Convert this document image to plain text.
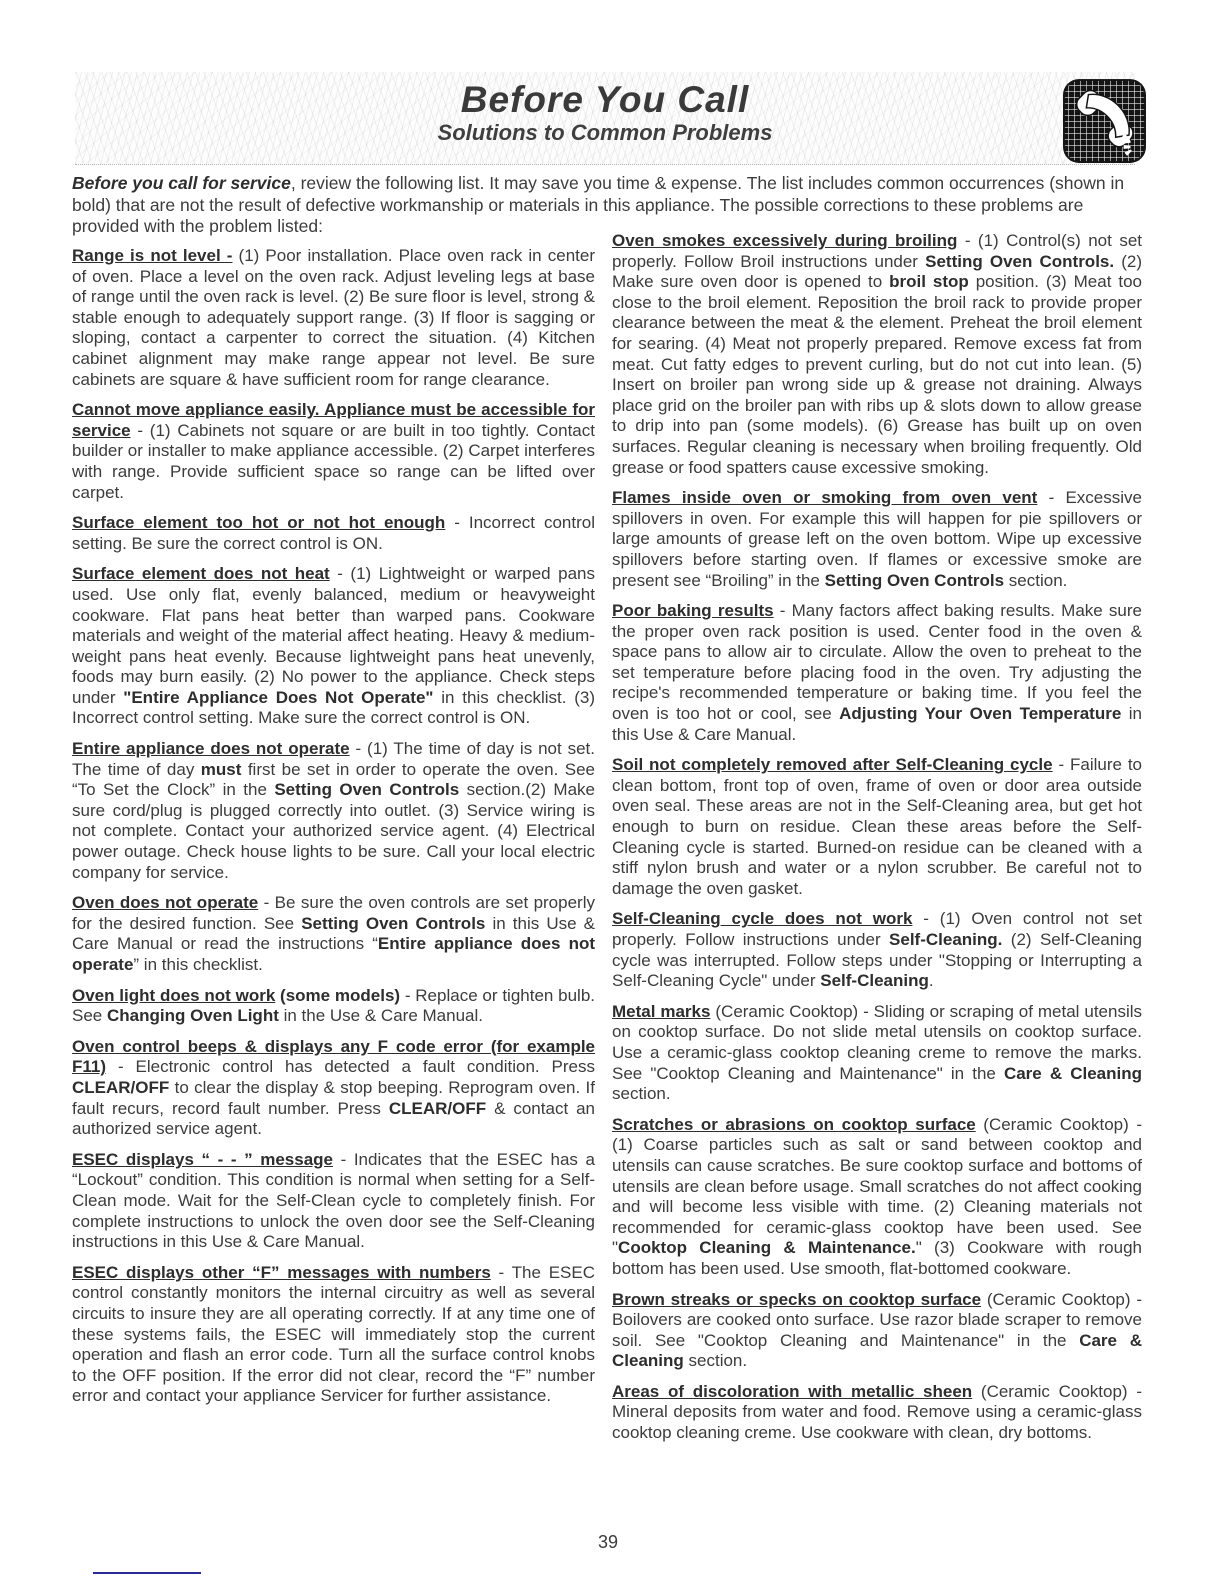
Before You Call
Solutions to Common Problems
Before you call for service, review the following list. It may save you time & expense. The list includes common occurrences (shown in bold) that are not the result of defective workmanship or materials in this appliance. The possible corrections to these problems are provided with the problem listed:

Range is not level - (1) Poor installation. Place oven rack in center of oven. Place a level on the oven rack. Adjust leveling legs at base of range until the oven rack is level. (2) Be sure floor is level, strong & stable enough to adequately support range. (3) If floor is sagging or sloping, contact a carpenter to correct the situation. (4) Kitchen cabinet alignment may make range appear not level. Be sure cabinets are square & have sufficient room for range clearance.

Cannot move appliance easily. Appliance must be accessible for service - (1) Cabinets not square or are built in too tightly. Contact builder or installer to make appliance accessible. (2) Carpet interferes with range. Provide sufficient space so range can be lifted over carpet.

Surface element too hot or not hot enough - Incorrect control setting. Be sure the correct control is ON.

Surface element does not heat - (1) Lightweight or warped pans used. Use only flat, evenly balanced, medium or heavyweight cookware. Flat pans heat better than warped pans. Cookware materials and weight of the material affect heating. Heavy & medium-weight pans heat evenly. Because lightweight pans heat unevenly, foods may burn easily. (2) No power to the appliance. Check steps under "Entire Appliance Does Not Operate" in this checklist. (3) Incorrect control setting. Make sure the correct control is ON.

Entire appliance does not operate - (1) The time of day is not set. The time of day must first be set in order to operate the oven. See “To Set the Clock” in the Setting Oven Controls section.(2) Make sure cord/plug is plugged correctly into outlet. (3) Service wiring is not complete. Contact your authorized service agent. (4) Electrical power outage. Check house lights to be sure. Call your local electric company for service.

Oven does not operate - Be sure the oven controls are set properly for the desired function. See Setting Oven Controls in this Use & Care Manual or read the instructions “Entire appliance does not operate” in this checklist.

Oven light does not work (some models) - Replace or tighten bulb. See Changing Oven Light in the Use & Care Manual.

Oven control beeps & displays any F code error (for example F11) - Electronic control has detected a fault condition. Press CLEAR/OFF to clear the display & stop beeping. Reprogram oven. If fault recurs, record fault number. Press CLEAR/OFF & contact an authorized service agent.

ESEC displays “ - - ” message - Indicates that the ESEC has a “Lockout” condition. This condition is normal when setting for a Self-Clean mode. Wait for the Self-Clean cycle to completely finish. For complete instructions to unlock the oven door see the Self-Cleaning instructions in this Use & Care Manual.

ESEC displays other “F” messages with numbers - The ESEC control constantly monitors the internal circuitry as well as several circuits to insure they are all operating correctly. If at any time one of these systems fails, the ESEC will immediately stop the current operation and flash an error code. Turn all the surface control knobs to the OFF position. If the error did not clear, record the “F” number error and contact your appliance Servicer for further assistance.

Oven smokes excessively during broiling - (1) Control(s) not set properly. Follow Broil instructions under Setting Oven Controls. (2) Make sure oven door is opened to broil stop position. (3) Meat too close to the broil element. Reposition the broil rack to provide proper clearance between the meat & the element. Preheat the broil element for searing. (4) Meat not properly prepared. Remove excess fat from meat. Cut fatty edges to prevent curling, but do not cut into lean. (5) Insert on broiler pan wrong side up & grease not draining. Always place grid on the broiler pan with ribs up & slots down to allow grease to drip into pan (some models). (6) Grease has built up on oven surfaces. Regular cleaning is necessary when broiling frequently. Old grease or food spatters cause excessive smoking.

Flames inside oven or smoking from oven vent - Excessive spillovers in oven. For example this will happen for pie spillovers or large amounts of grease left on the oven bottom. Wipe up excessive spillovers before starting oven. If flames or excessive smoke are present see “Broiling” in the Setting Oven Controls section.

Poor baking results - Many factors affect baking results. Make sure the proper oven rack position is used. Center food in the oven & space pans to allow air to circulate. Allow the oven to preheat to the set temperature before placing food in the oven. Try adjusting the recipe's recommended temperature or baking time. If you feel the oven is too hot or cool, see Adjusting Your Oven Temperature in this Use & Care Manual.

Soil not completely removed after Self-Cleaning cycle - Failure to clean bottom, front top of oven, frame of oven or door area outside oven seal. These areas are not in the Self-Cleaning area, but get hot enough to burn on residue. Clean these areas before the Self-Cleaning cycle is started. Burned-on residue can be cleaned with a stiff nylon brush and water or a nylon scrubber. Be careful not to damage the oven gasket.

Self-Cleaning cycle does not work - (1) Oven control not set properly. Follow instructions under Self-Cleaning. (2) Self-Cleaning cycle was interrupted. Follow steps under "Stopping or Interrupting a Self-Cleaning Cycle" under Self-Cleaning.

Metal marks (Ceramic Cooktop) - Sliding or scraping of metal utensils on cooktop surface. Do not slide metal utensils on cooktop surface. Use a ceramic-glass cooktop cleaning creme to remove the marks. See "Cooktop Cleaning and Maintenance" in the Care & Cleaning section.

Scratches or abrasions on cooktop surface (Ceramic Cooktop) - (1) Coarse particles such as salt or sand between cooktop and utensils can cause scratches. Be sure cooktop surface and bottoms of utensils are clean before usage. Small scratches do not affect cooking and will become less visible with time. (2) Cleaning materials not recommended for ceramic-glass cooktop have been used. See "Cooktop Cleaning & Maintenance." (3) Cookware with rough bottom has been used. Use smooth, flat-bottomed cookware.

Brown streaks or specks on cooktop surface (Ceramic Cooktop) - Boilovers are cooked onto surface. Use razor blade scraper to remove soil. See "Cooktop Cleaning and Maintenance" in the Care & Cleaning section.

Areas of discoloration with metallic sheen (Ceramic Cooktop) - Mineral deposits from water and food. Remove using a ceramic-glass cooktop cleaning creme. Use cookware with clean, dry bottoms.

39
